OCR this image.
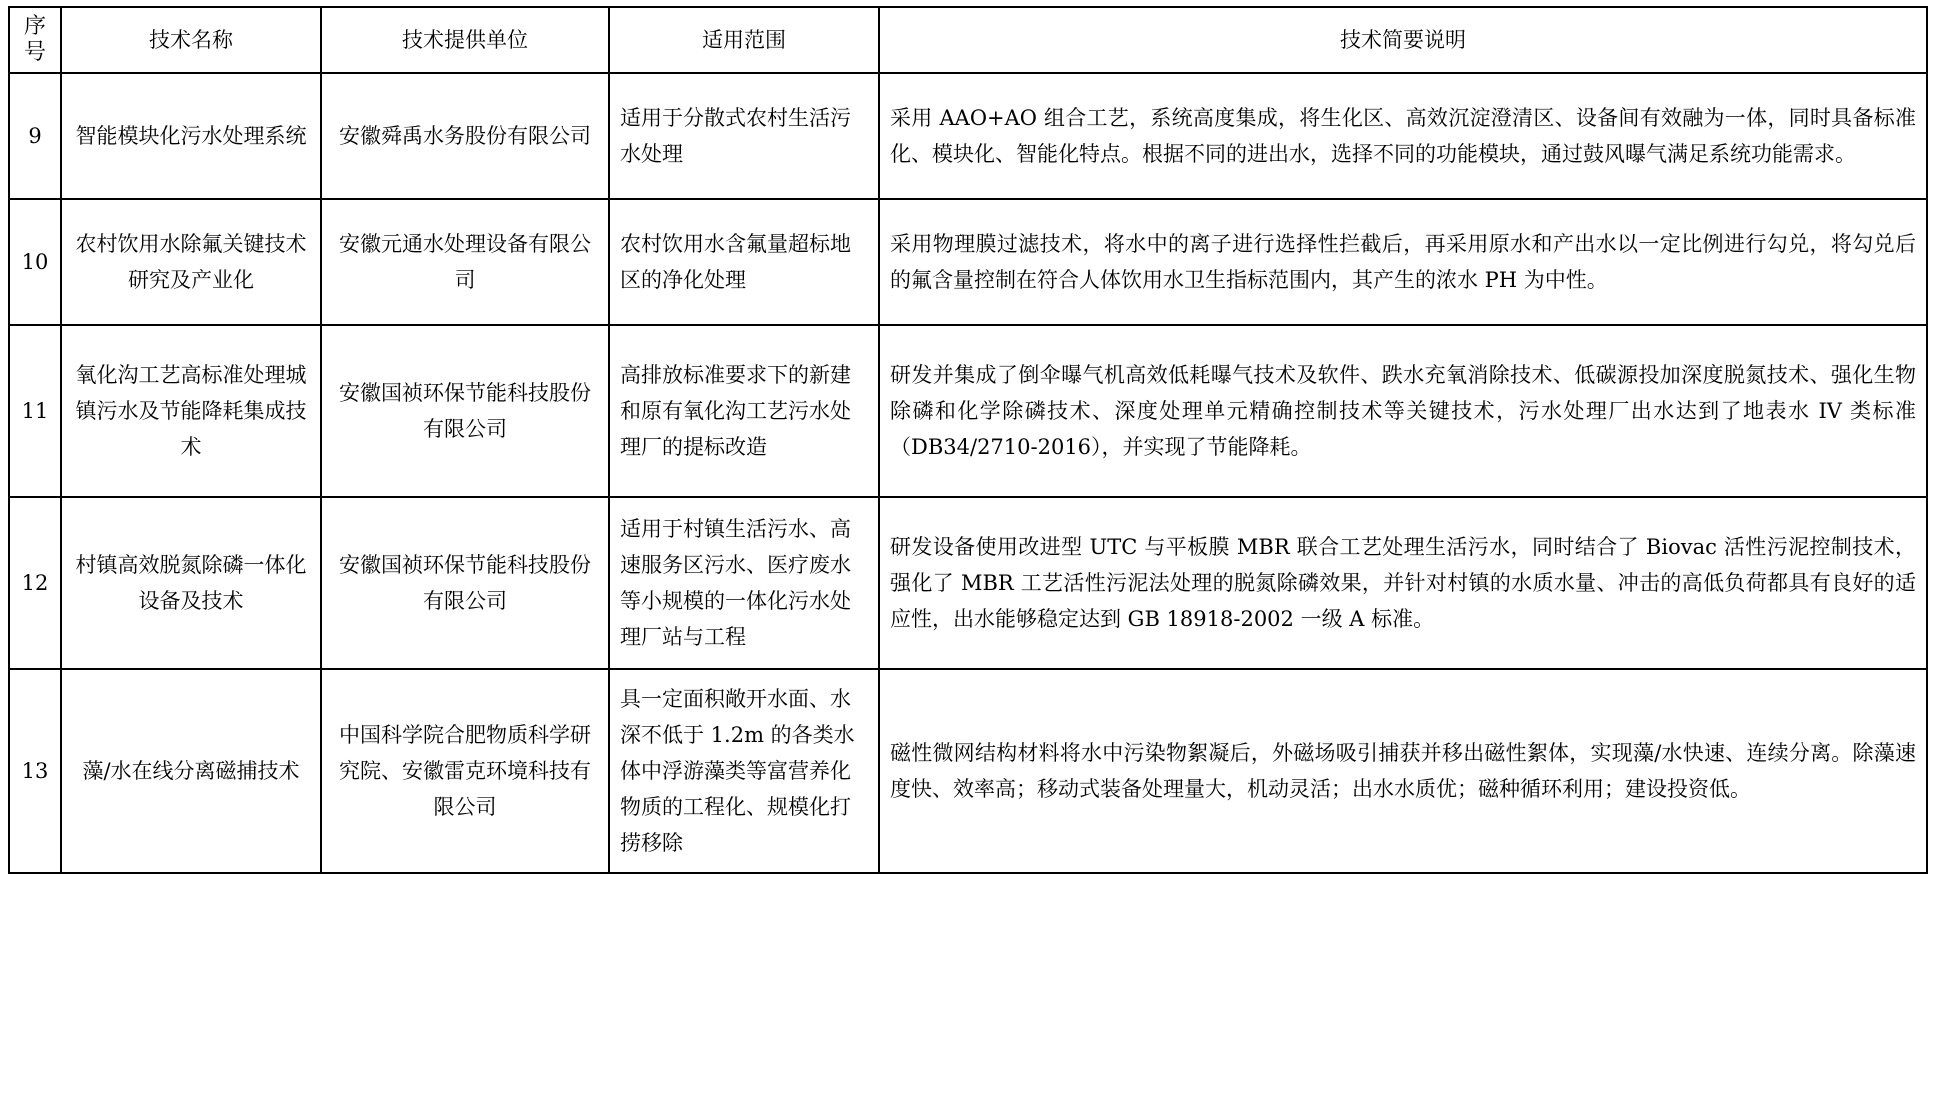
序
号	技术名称	技术提供单位	适用范围	技术简要说明
9	智能模块化污水处理系统	安徽舜禹水务股份有限公司	适用于分散式农村生活污水处理	采用 AAO+AO 组合工艺，系统高度集成，将生化区、高效沉淀澄清区、设备间有效融为一体，同时具备标准化、模块化、智能化特点。根据不同的进出水，选择不同的功能模块，通过鼓风曝气满足系统功能需求。
10	农村饮用水除氟关键技术研究及产业化	安徽元通水处理设备有限公司	农村饮用水含氟量超标地区的净化处理	采用物理膜过滤技术，将水中的离子进行选择性拦截后，再采用原水和产出水以一定比例进行勾兑，将勾兑后的氟含量控制在符合人体饮用水卫生指标范围内，其产生的浓水 PH 为中性。
11	氧化沟工艺高标准处理城镇污水及节能降耗集成技术	安徽国祯环保节能科技股份有限公司	高排放标准要求下的新建和原有氧化沟工艺污水处理厂的提标改造	研发并集成了倒伞曝气机高效低耗曝气技术及软件、跌水充氧消除技术、低碳源投加深度脱氮技术、强化生物除磷和化学除磷技术、深度处理单元精确控制技术等关键技术，污水处理厂出水达到了地表水 IV 类标准（DB34/2710-2016），并实现了节能降耗。
12	村镇高效脱氮除磷一体化设备及技术	安徽国祯环保节能科技股份有限公司	适用于村镇生活污水、高速服务区污水、医疗废水等小规模的一体化污水处理厂站与工程	研发设备使用改进型 UTC 与平板膜 MBR 联合工艺处理生活污水，同时结合了 Biovac 活性污泥控制技术，强化了 MBR 工艺活性污泥法处理的脱氮除磷效果，并针对村镇的水质水量、冲击的高低负荷都具有良好的适应性，出水能够稳定达到 GB 18918-2002 一级 A 标准。
13	藻/水在线分离磁捕技术	中国科学院合肥物质科学研究院、安徽雷克环境科技有限公司	具一定面积敞开水面、水深不低于 1.2m 的各类水体中浮游藻类等富营养化物质的工程化、规模化打捞移除	磁性微网结构材料将水中污染物絮凝后，外磁场吸引捕获并移出磁性絮体，实现藻/水快速、连续分离。除藻速度快、效率高；移动式装备处理量大，机动灵活；出水水质优；磁种循环利用；建设投资低。
